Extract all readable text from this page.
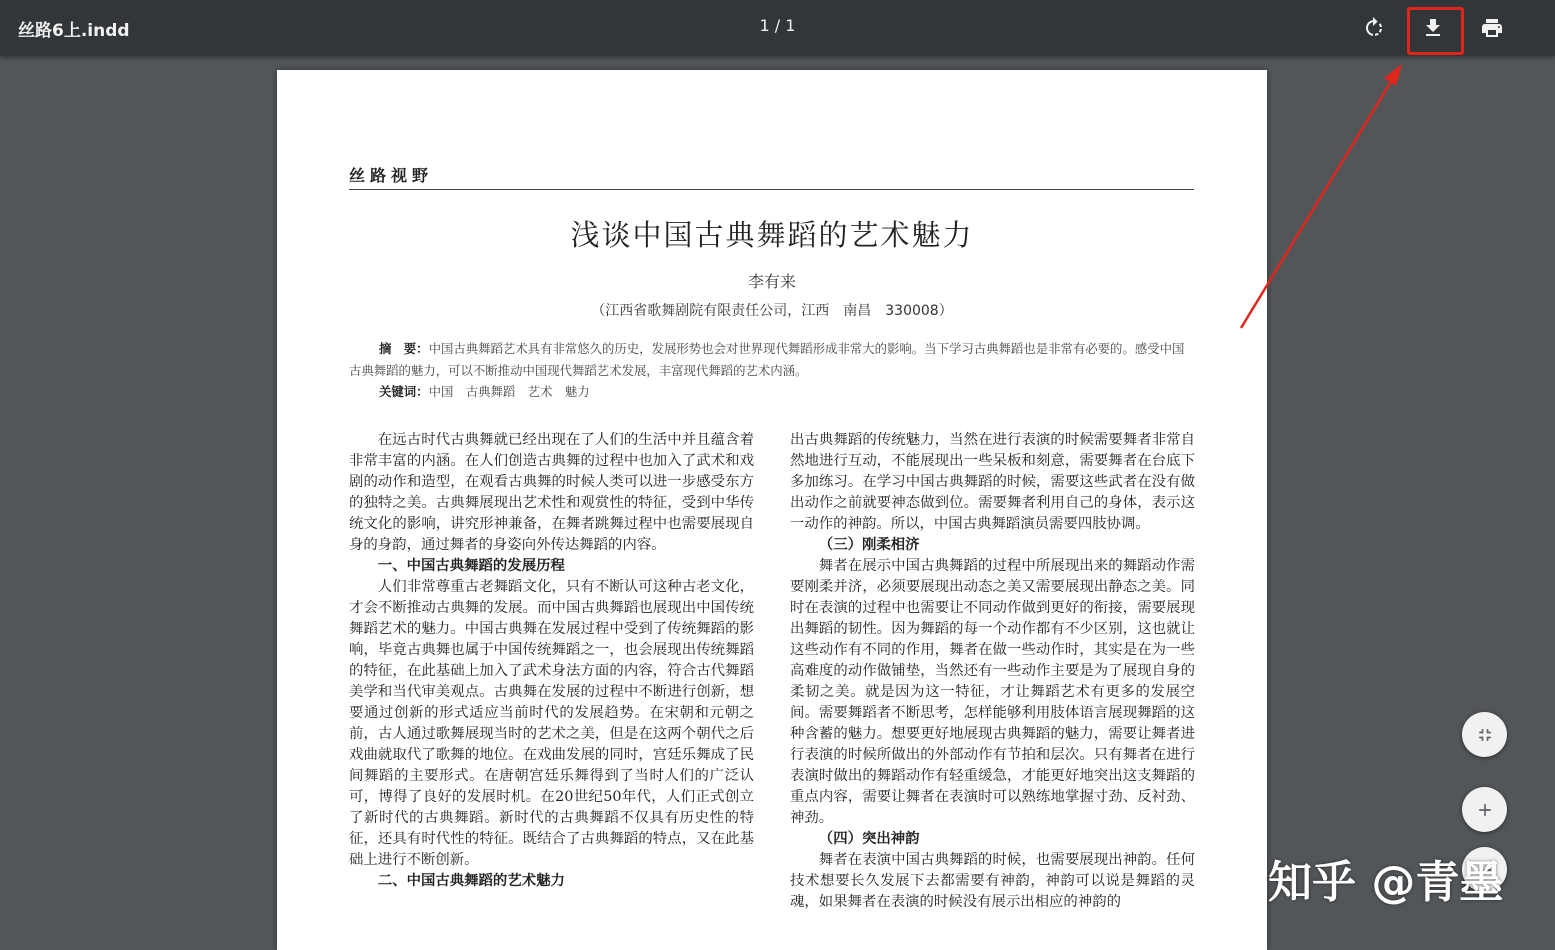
丝路6上.indd	1 / 1
丝路视野
浅谈中国古典舞蹈的艺术魅力
李有来
（江西省歌舞剧院有限责任公司，江西　南昌　330008）
摘　要：中国古典舞蹈艺术具有非常悠久的历史，发展形势也会对世界现代舞蹈形成非常大的影响。当下学习古典舞蹈也是非常有必要的。感受中国古典舞蹈的魅力，可以不断推动中国现代舞蹈艺术发展，丰富现代舞蹈的艺术内涵。
关键词：中国　古典舞蹈　艺术　魅力

在远古时代古典舞就已经出现在了人们的生活中并且蕴含着非常丰富的内涵。在人们创造古典舞的过程中也加入了武术和戏剧的动作和造型，在观看古典舞的时候人类可以进一步感受东方的独特之美。古典舞展现出艺术性和观赏性的特征，受到中华传统文化的影响，讲究形神兼备，在舞者跳舞过程中也需要展现自身的身韵，通过舞者的身姿向外传达舞蹈的内容。

一、中国古典舞蹈的发展历程

人们非常尊重古老舞蹈文化，只有不断认可这种古老文化，才会不断推动古典舞的发展。而中国古典舞蹈也展现出中国传统舞蹈艺术的魅力。中国古典舞在发展过程中受到了传统舞蹈的影响，毕竟古典舞也属于中国传统舞蹈之一，也会展现出传统舞蹈的特征，在此基础上加入了武术身法方面的内容，符合古代舞蹈美学和当代审美观点。古典舞在发展的过程中不断进行创新，想要通过创新的形式适应当前时代的发展趋势。在宋朝和元朝之前，古人通过歌舞展现当时的艺术之美，但是在这两个朝代之后戏曲就取代了歌舞的地位。在戏曲发展的同时，宫廷乐舞成了民间舞蹈的主要形式。在唐朝宫廷乐舞得到了当时人们的广泛认可，博得了良好的发展时机。在20世纪50年代，人们正式创立了新时代的古典舞蹈。新时代的古典舞蹈不仅具有历史性的特征，还具有时代性的特征。既结合了古典舞蹈的特点，又在此基础上进行不断创新。

二、中国古典舞蹈的艺术魅力

出古典舞蹈的传统魅力，当然在进行表演的时候需要舞者非常自然地进行互动，不能展现出一些呆板和刻意，需要舞者在台底下多加练习。在学习中国古典舞蹈的时候，需要这些武者在没有做出动作之前就要神态做到位。需要舞者利用自己的身体，表示这一动作的神韵。所以，中国古典舞蹈演员需要四肢协调。

（三）刚柔相济

舞者在展示中国古典舞蹈的过程中所展现出来的舞蹈动作需要刚柔并济，必须要展现出动态之美又需要展现出静态之美。同时在表演的过程中也需要让不同动作做到更好的衔接，需要展现出舞蹈的韧性。因为舞蹈的每一个动作都有不少区别，这也就让这些动作有不同的作用，舞者在做一些动作时，其实是在为一些高难度的动作做铺垫，当然还有一些动作主要是为了展现自身的柔韧之美。就是因为这一特征，才让舞蹈艺术有更多的发展空间。需要舞蹈者不断思考，怎样能够利用肢体语言展现舞蹈的这种含蓄的魅力。想要更好地展现古典舞蹈的魅力，需要让舞者进行表演的时候所做出的外部动作有节拍和层次。只有舞者在进行表演时做出的舞蹈动作有轻重缓急，才能更好地突出这支舞蹈的重点内容，需要让舞者在表演时可以熟练地掌握寸劲、反衬劲、神劲。

（四）突出神韵

舞者在表演中国古典舞蹈的时候，也需要展现出神韵。任何技术想要长久发展下去都需要有神韵，神韵可以说是舞蹈的灵魂，如果舞者在表演的时候没有展示出相应的神韵的	知乎 @青墨
